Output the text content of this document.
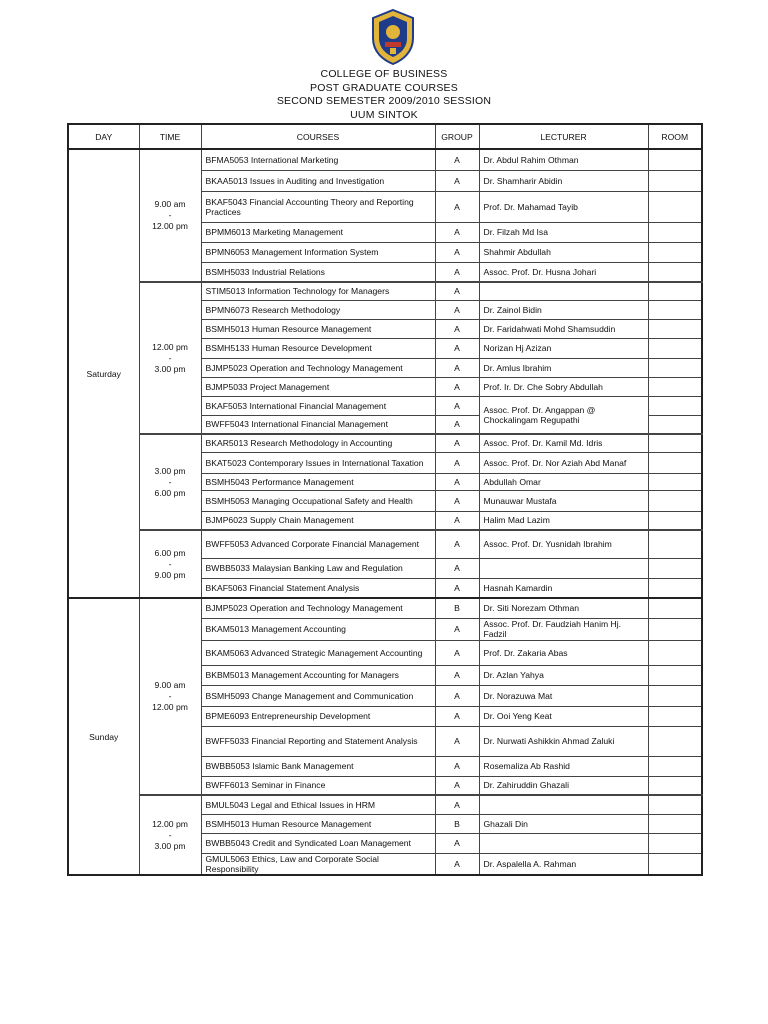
COLLEGE OF BUSINESS
POST GRADUATE COURSES
SECOND SEMESTER 2009/2010 SESSION
UUM SINTOK
DAY	TIME	COURSES	GROUP	LECTURER	ROOM
Saturday	9.00 am
-
12.00 pm	BFMA5053 International Marketing	A	Dr. Abdul Rahim Othman	
		BKAA5013 Issues in Auditing and Investigation	A	Dr. Shamharir Abidin	
		BKAF5043 Financial Accounting Theory and Reporting Practices	A	Prof. Dr. Mahamad Tayib	
		BPMM6013 Marketing Management	A	Dr. Filzah Md Isa	
		BPMN6053 Management Information System	A	Shahmir Abdullah	
		BSMH5033 Industrial Relations	A	Assoc. Prof. Dr. Husna Johari	

	12.00 pm
-
3.00 pm	STIM5013 Information Technology for Managers	A		
		BPMN6073 Research Methodology	A	Dr. Zainol Bidin	
		BSMH5013 Human Resource Management	A	Dr. Faridahwati Mohd Shamsuddin	
		BSMH5133 Human Resource Development	A	Norizan Hj Azizan	
		BJMP5023 Operation and Technology Management	A	Dr. Amlus Ibrahim	
		BJMP5033 Project Management	A	Prof. Ir. Dr. Che Sobry Abdullah	
		BKAF5053 International Financial Management	A	Assoc. Prof. Dr. Angappan @ Chockalingam Regupathi	
		BWFF5043 International Financial Management	A		

	3.00 pm
-
6.00 pm	BKAR5013 Research Methodology in Accounting	A	Assoc. Prof. Dr. Kamil Md. Idris	
		BKAT5023 Contemporary Issues in International Taxation	A	Assoc. Prof. Dr. Nor Aziah Abd Manaf	
		BSMH5043 Performance Management	A	Abdullah Omar	
		BSMH5053 Managing Occupational Safety and Health	A	Munauwar Mustafa	
		BJMP6023 Supply Chain Management	A	Halim Mad Lazim	

	6.00 pm
-
9.00 pm	BWFF5053 Advanced Corporate Financial Management	A	Assoc. Prof. Dr. Yusnidah Ibrahim	
		BWBB5033 Malaysian Banking Law and Regulation	A		
		BKAF5063 Financial Statement Analysis	A	Hasnah Kamardin	
Sunday	9.00 am
-
12.00 pm	BJMP5023 Operation and Technology Management	B	Dr. Siti Norezam Othman	
		BKAM5013 Management Accounting	A	Assoc. Prof. Dr. Faudziah Hanim Hj. Fadzil	
		BKAM5063 Advanced Strategic Management Accounting	A	Prof. Dr. Zakaria Abas	
		BKBM5013 Management Accounting for Managers	A	Dr. Azlan Yahya	
		BSMH5093 Change Management and Communication	A	Dr. Norazuwa Mat	
		BPME6093 Entrepreneurship Development	A	Dr. Ooi Yeng Keat	
		BWFF5033 Financial Reporting and Statement Analysis	A	Dr. Nurwati Ashikkin Ahmad Zaluki	
		BWBB5053 Islamic Bank Management	A	Rosemaliza Ab Rashid	
		BWFF6013 Seminar in Finance	A	Dr. Zahiruddin Ghazali	

	12.00 pm
-
3.00 pm	BMUL5043 Legal and Ethical Issues in HRM	A		
		BSMH5013 Human Resource Management	B	Ghazali Din	
		BWBB5043 Credit and Syndicated Loan Management	A		
		GMUL5063 Ethics, Law and Corporate Social Responsibility	A	Dr. Aspalella A. Rahman	
